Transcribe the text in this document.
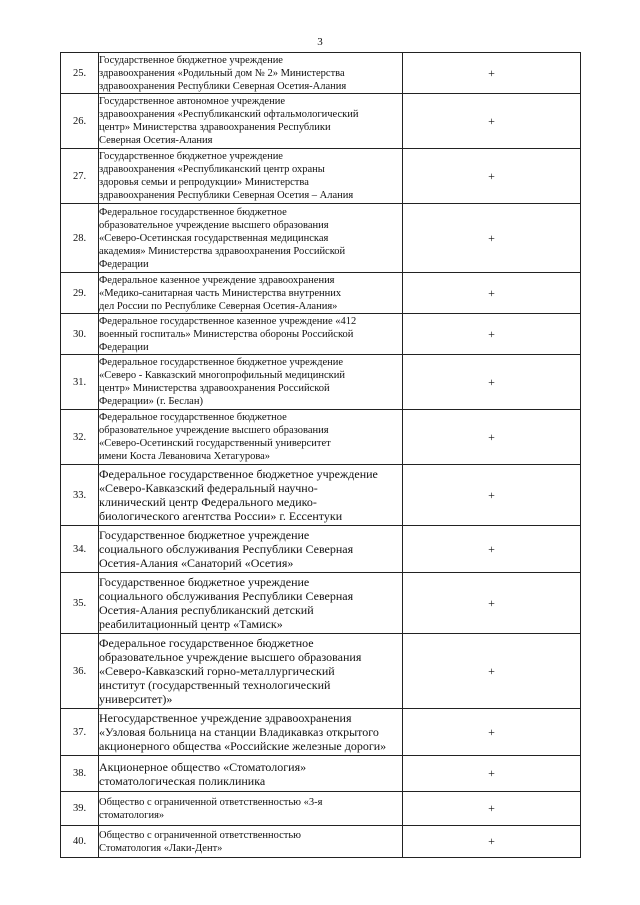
3
25.	Государственное бюджетное учреждение
здравоохранения «Родильный дом № 2» Министерства
здравоохранения Республики Северная Осетия-Алания	+
26.	Государственное автономное учреждение
здравоохранения «Республиканский офтальмологический
центр» Министерства здравоохранения Республики
Северная Осетия-Алания	+
27.	Государственное бюджетное учреждение
здравоохранения «Республиканский центр охраны
здоровья семьи и репродукции» Министерства
здравоохранения Республики Северная Осетия – Алания	+
28.	Федеральное государственное бюджетное
образовательное учреждение высшего образования
«Северо-Осетинская государственная медицинская
академия» Министерства здравоохранения Российской
Федерации	+
29.	Федеральное казенное учреждение здравоохранения
«Медико-санитарная часть Министерства внутренних
дел России по Республике Северная Осетия-Алания»	+
30.	Федеральное государственное казенное учреждение «412
военный госпиталь» Министерства обороны Российской
Федерации	+
31.	Федеральное государственное бюджетное учреждение
«Северо - Кавказский многопрофильный медицинский
центр» Министерства здравоохранения Российской
Федерации» (г. Беслан)	+
32.	Федеральное государственное бюджетное
образовательное учреждение высшего образования
«Северо-Осетинский государственный университет
имени Коста Левановича Хетагурова»	+
33.	Федеральное государственное бюджетное учреждение
«Северо-Кавказский федеральный научно-
клинический центр Федерального медико-
биологического агентства России» г. Ессентуки	+
34.	Государственное бюджетное учреждение
социального обслуживания Республики Северная
Осетия-Алания «Санаторий «Осетия»	+
35.	Государственное бюджетное учреждение
социального обслуживания Республики Северная
Осетия-Алания республиканский детский
реабилитационный центр «Тамиск»	+
36.	Федеральное государственное бюджетное
образовательное учреждение высшего образования
«Северо-Кавказский горно-металлургический
институт (государственный технологический
университет)»	+
37.	Негосударственное учреждение здравоохранения
«Узловая больница на станции Владикавказ открытого
акционерного общества «Российские железные дороги»	+
38.	Акционерное общество «Стоматология»
стоматологическая поликлиника	+
39.	Общество с ограниченной ответственностью «3-я
стоматология»	+
40.	Общество с ограниченной ответственностью
Стоматология «Лаки-Дент»	+
